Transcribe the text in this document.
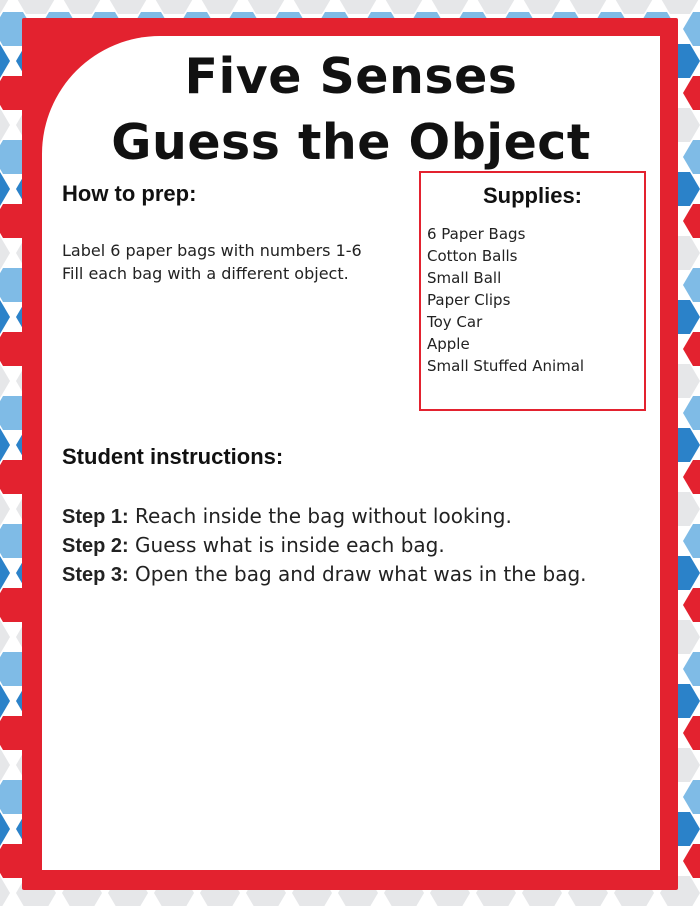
Five Senses
Guess the Object
How to prep:

Label 6 paper bags with numbers 1-6

Fill each bag with a different object.

Supplies:
6 Paper Bags
Cotton Balls
Small Ball
Paper Clips
Toy Car
Apple
Small Stuffed Animal
Student instructions:
Step 1: Reach inside the bag without looking.
Step 2: Guess what is inside each bag.
Step 3: Open the bag and draw what was in the bag.
